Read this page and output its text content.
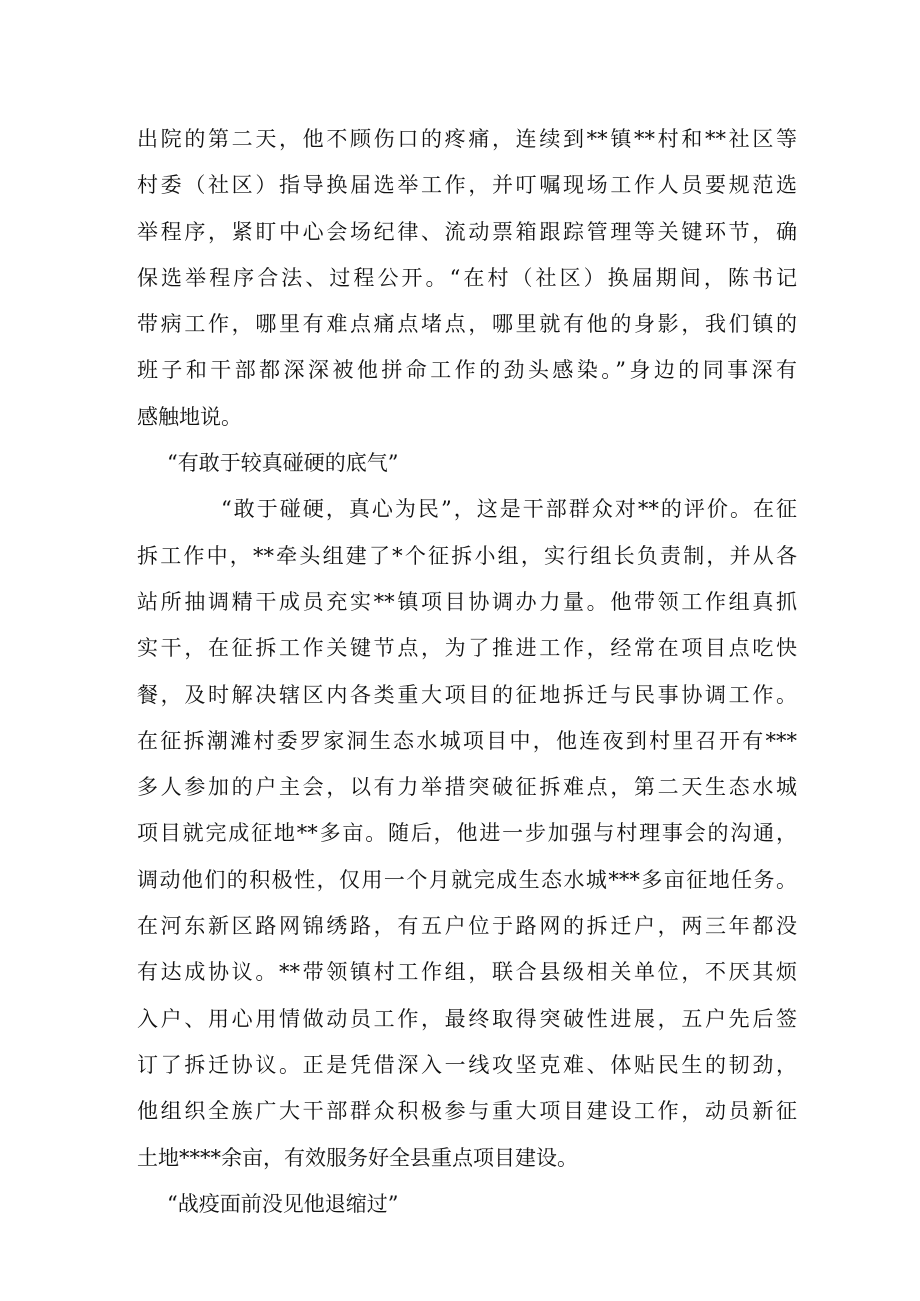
出院的第二天，他不顾伤口的疼痛，连续到**镇**村和**社区等
村委（社区）指导换届选举工作，并叮嘱现场工作人员要规范选
举程序，紧盯中心会场纪律、流动票箱跟踪管理等关键环节，确
保选举程序合法、过程公开。“在村（社区）换届期间，陈书记
带病工作，哪里有难点痛点堵点，哪里就有他的身影，我们镇的
班子和干部都深深被他拼命工作的劲头感染。”身边的同事深有
感触地说。
“有敢于较真碰硬的底气”
“敢于碰硬，真心为民”，这是干部群众对**的评价。在征
拆工作中，**牵头组建了*个征拆小组，实行组长负责制，并从各
站所抽调精干成员充实**镇项目协调办力量。他带领工作组真抓
实干，在征拆工作关键节点，为了推进工作，经常在项目点吃快
餐，及时解决辖区内各类重大项目的征地拆迁与民事协调工作。
在征拆潮滩村委罗家洞生态水城项目中，他连夜到村里召开有***
多人参加的户主会，以有力举措突破征拆难点，第二天生态水城
项目就完成征地**多亩。随后，他进一步加强与村理事会的沟通，
调动他们的积极性，仅用一个月就完成生态水城***多亩征地任务。
在河东新区路网锦绣路，有五户位于路网的拆迁户，两三年都没
有达成协议。**带领镇村工作组，联合县级相关单位，不厌其烦
入户、用心用情做动员工作，最终取得突破性进展，五户先后签
订了拆迁协议。正是凭借深入一线攻坚克难、体贴民生的韧劲，
他组织全族广大干部群众积极参与重大项目建设工作，动员新征
土地****余亩，有效服务好全县重点项目建设。
“战疫面前没见他退缩过”
